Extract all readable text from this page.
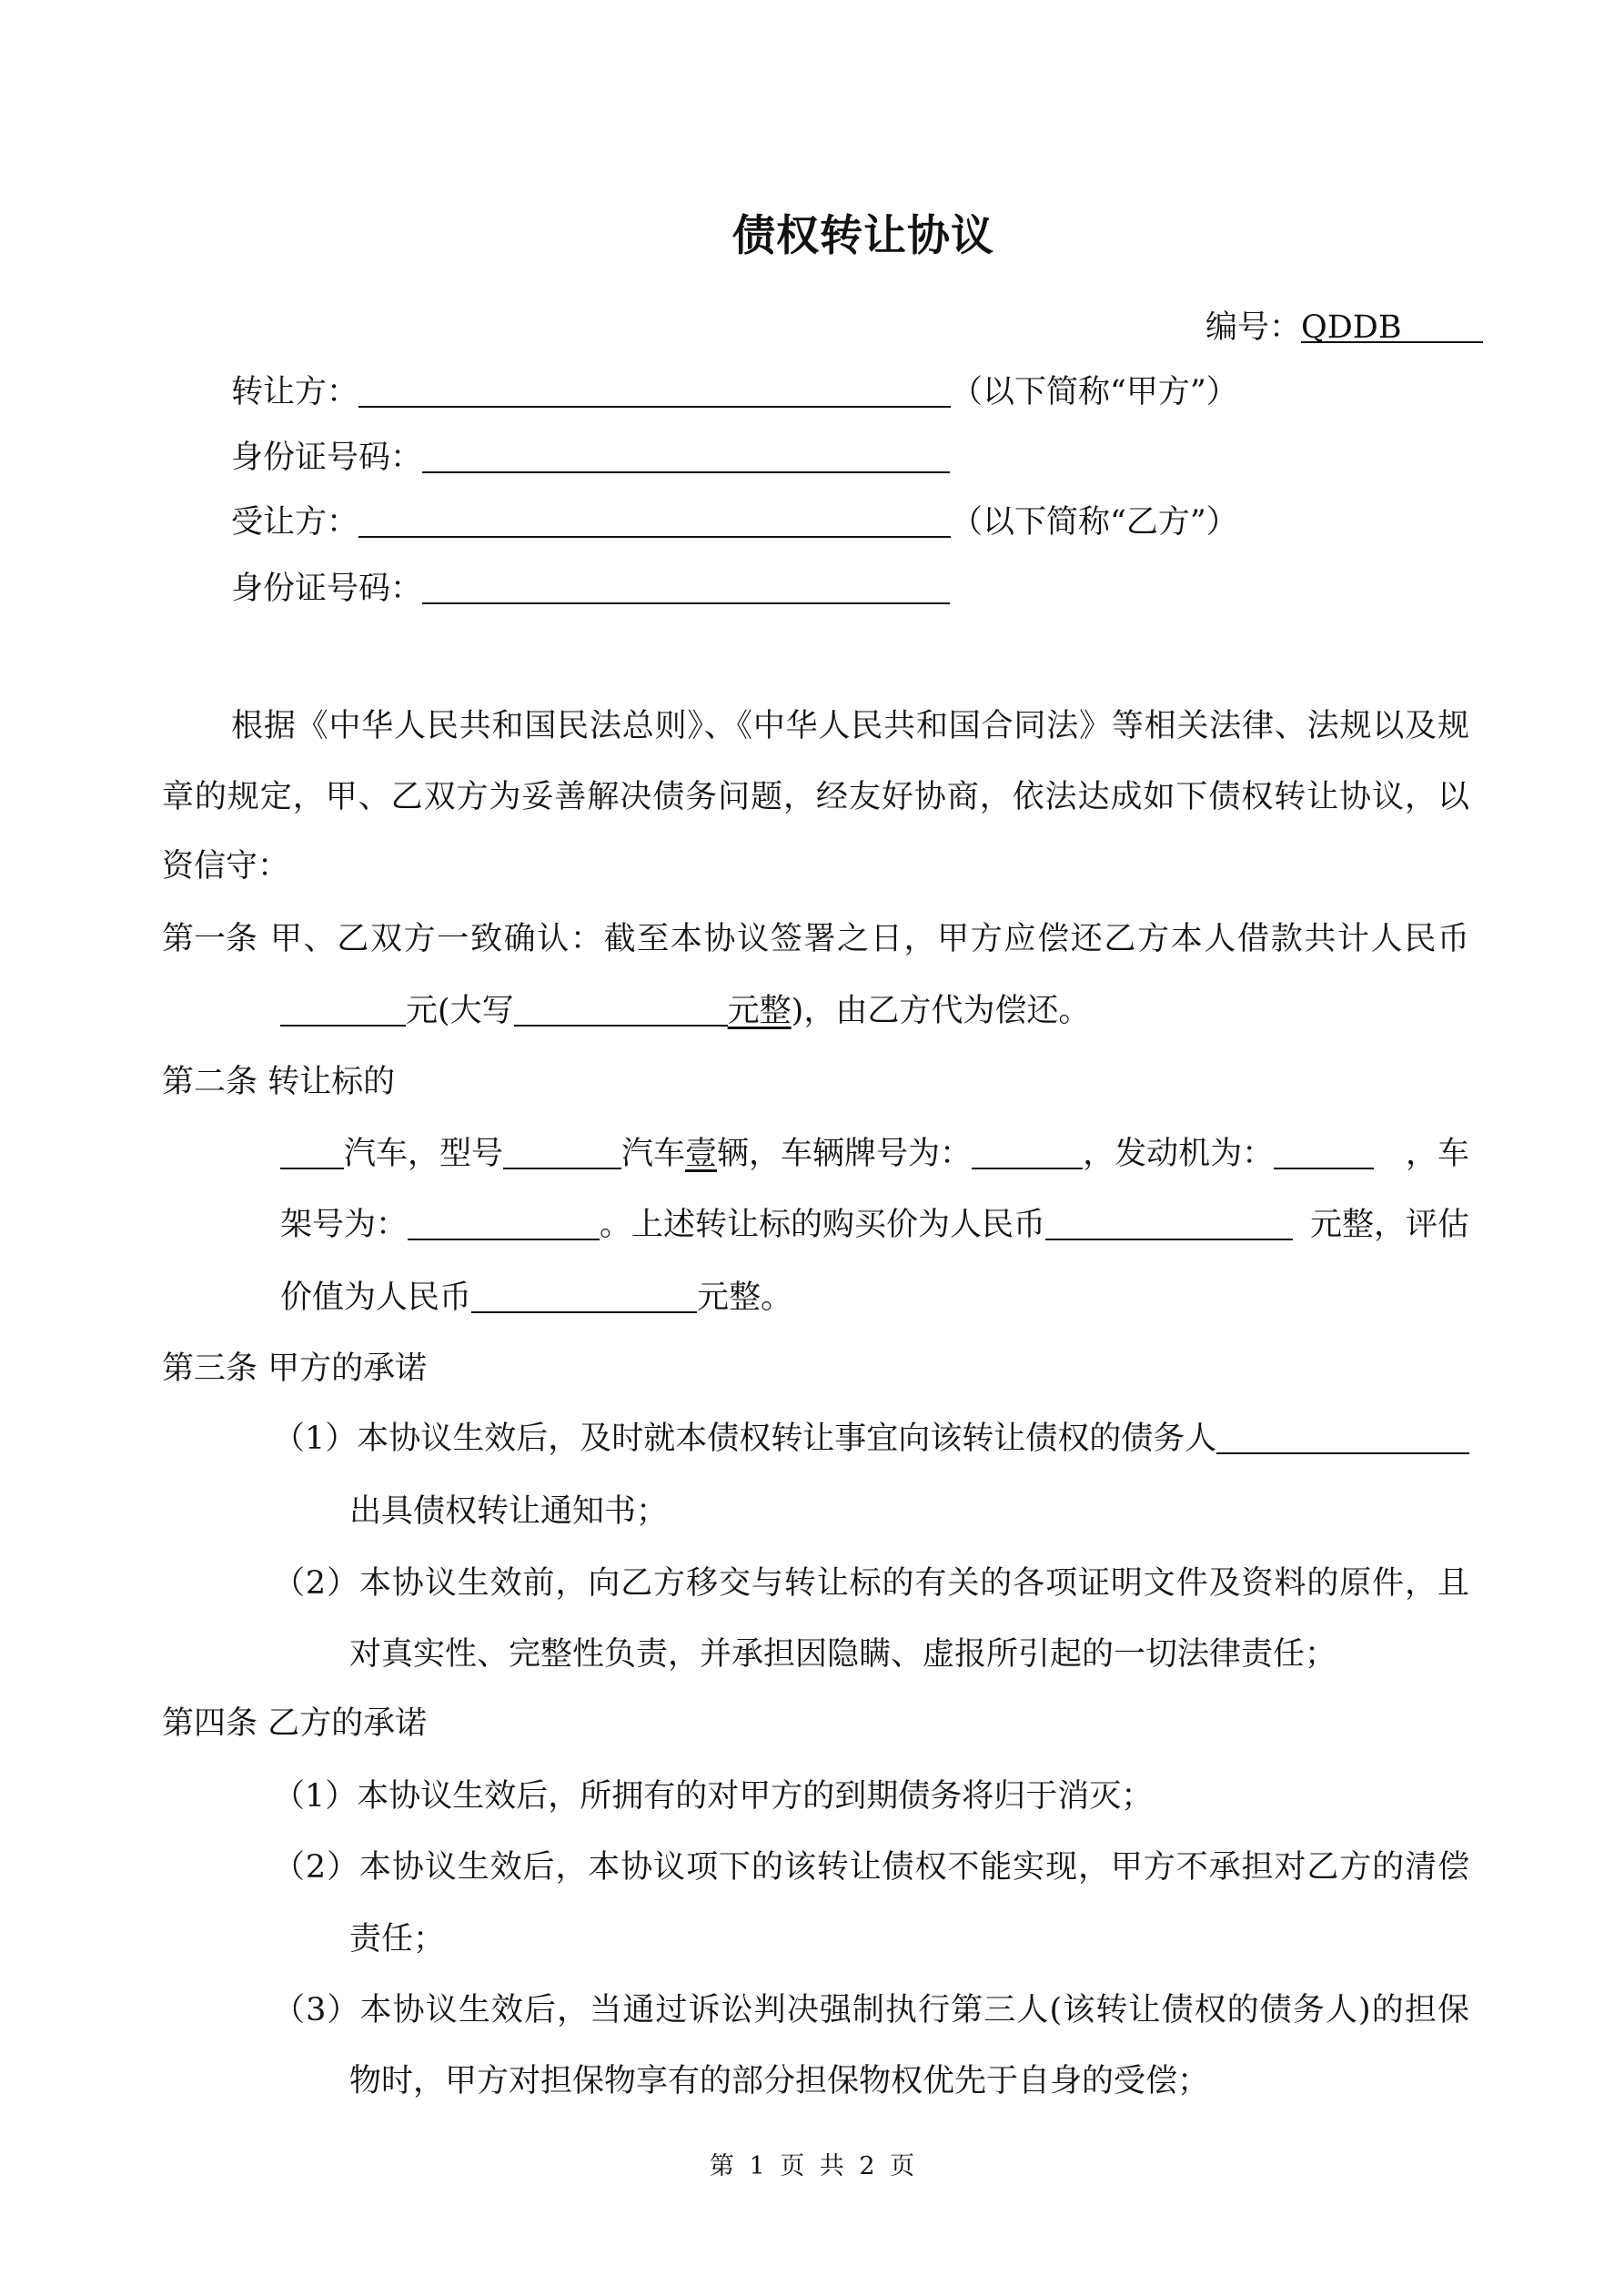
债权转让协议
编号：QDDB
转让方：	（以下简称“甲方”）
身份证号码：
受让方：	（以下简称“乙方”）
身份证号码：
根据《中华人民共和国民法总则》、《中华人民共和国合同法》等相关法律、法规以及规
章的规定，甲、乙双方为妥善解决债务问题，经友好协商，依法达成如下债权转让协议，以
资信守：
第一条 甲、乙双方一致确认：截至本协议签署之日，甲方应偿还乙方本人借款共计人民币
元(大写	元整)，由乙方代为偿还。
第二条 转让标的
汽车，型号	汽车壹辆，车辆牌号为：	，发动机为：	，车
架号为：	。上述转让标的购买价为人民币	元整，评估
价值为人民币	元整。
第三条 甲方的承诺
（1）本协议生效后，及时就本债权转让事宜向该转让债权的债务人
出具债权转让通知书；
（2）本协议生效前，向乙方移交与转让标的有关的各项证明文件及资料的原件，且
对真实性、完整性负责，并承担因隐瞒、虚报所引起的一切法律责任；
第四条 乙方的承诺
（1）本协议生效后，所拥有的对甲方的到期债务将归于消灭；
（2）本协议生效后，本协议项下的该转让债权不能实现，甲方不承担对乙方的清偿
责任；
（3）本协议生效后，当通过诉讼判决强制执行第三人(该转让债权的债务人)的担保
物时，甲方对担保物享有的部分担保物权优先于自身的受偿；
第 1 页 共 2 页
